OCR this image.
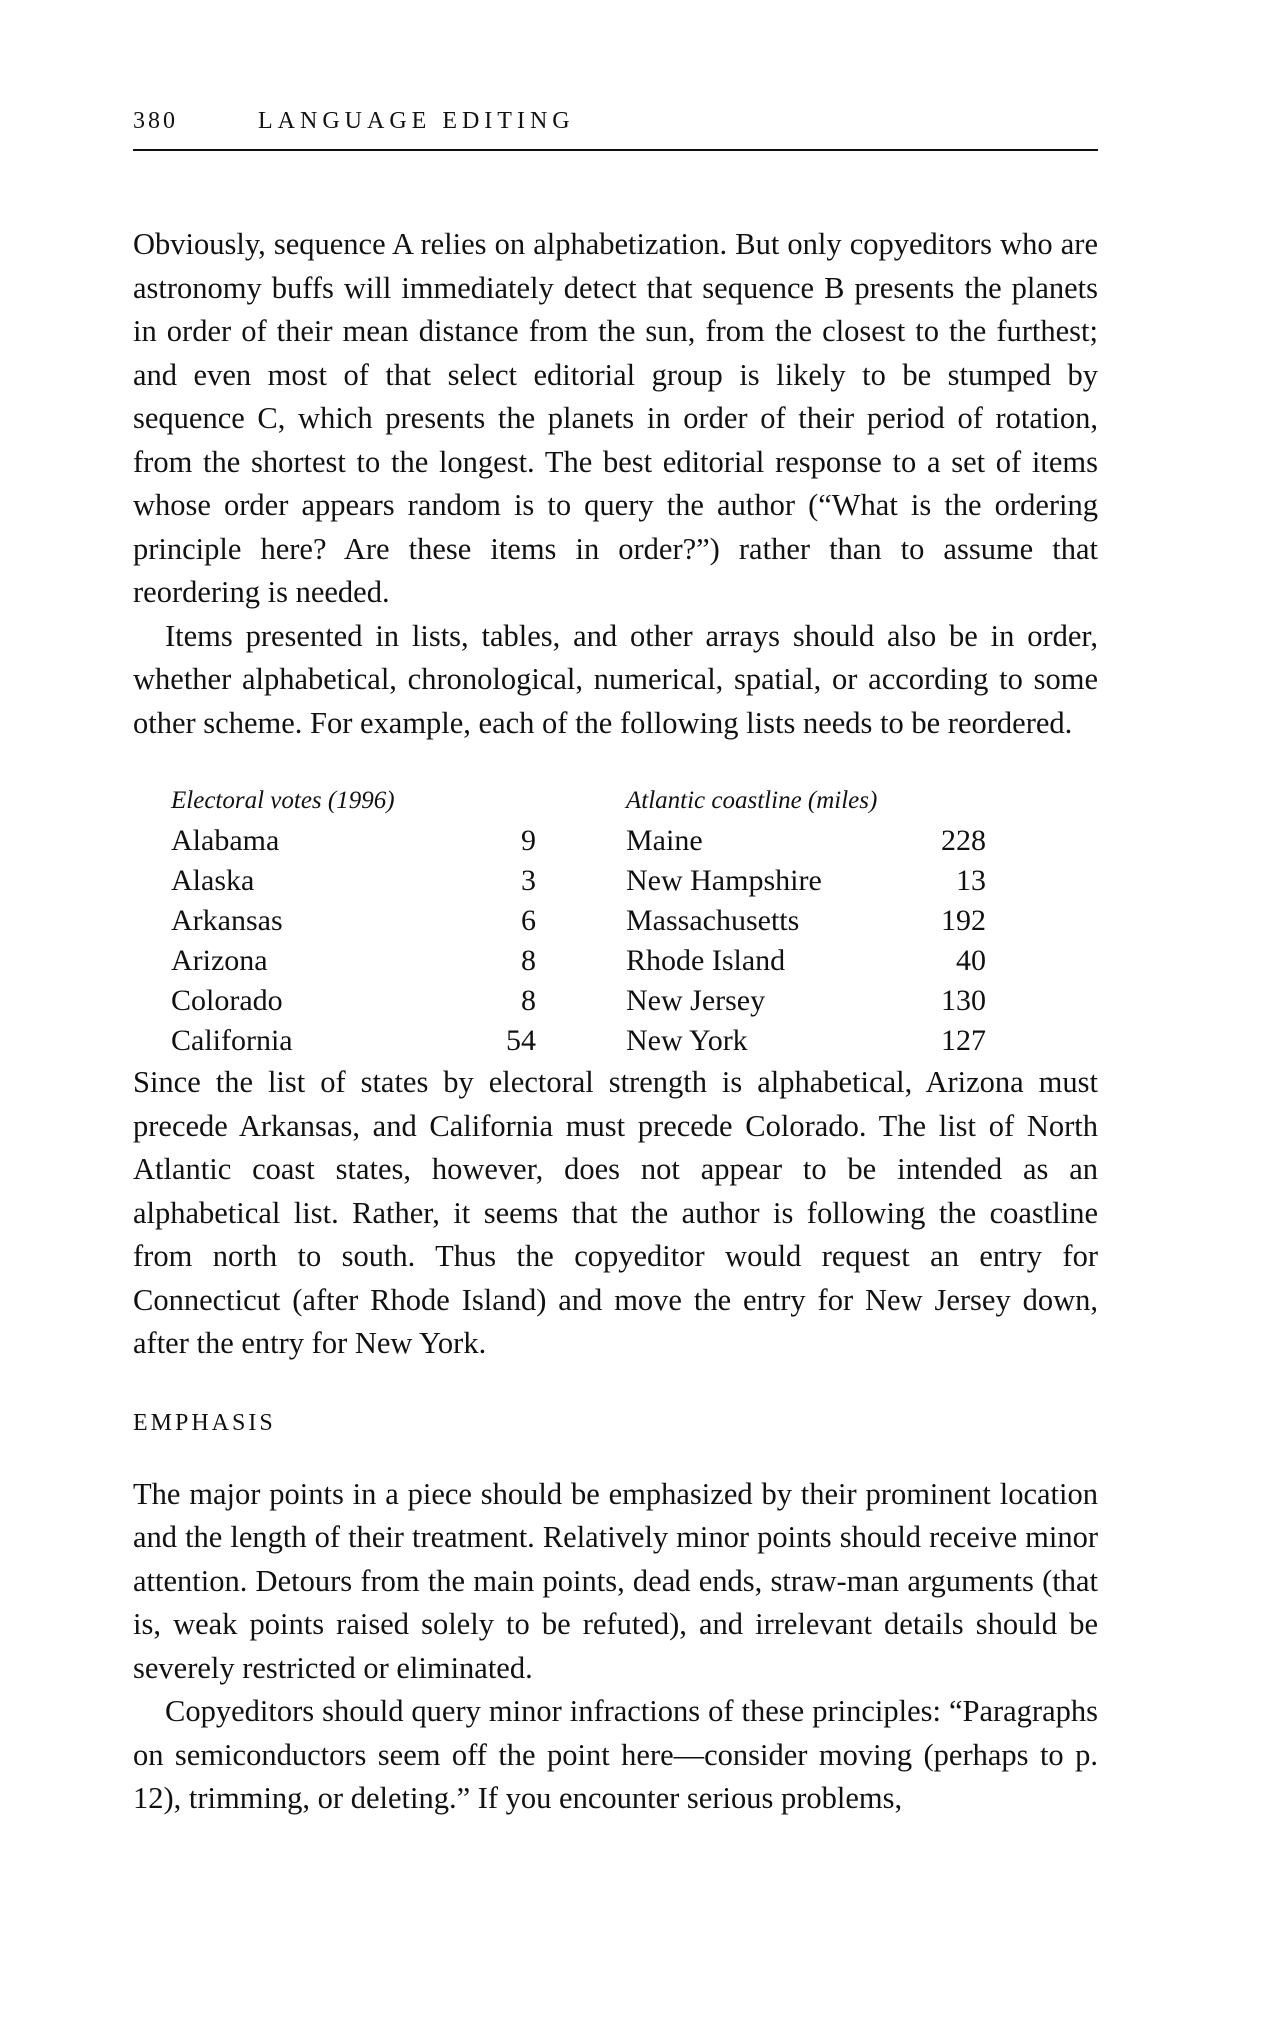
380	LANGUAGE EDITING

Obviously, sequence A relies on alphabetization. But only copyeditors who are astronomy buffs will immediately detect that sequence B presents the planets in order of their mean distance from the sun, from the closest to the furthest; and even most of that select editorial group is likely to be stumped by sequence C, which presents the planets in order of their period of rotation, from the shortest to the longest. The best editorial response to a set of items whose order appears random is to query the author (“What is the ordering principle here? Are these items in order?”) rather than to assume that reordering is needed.

Items presented in lists, tables, and other arrays should also be in order, whether alphabetical, chronological, numerical, spatial, or according to some other scheme. For example, each of the following lists needs to be reordered.

Electoral votes (1996)	
Alabama	9
Alaska	3
Arkansas	6
Arizona	8
Colorado	8
California	54
Atlantic coastline (miles)	
Maine	228
New Hampshire	13
Massachusetts	192
Rhode Island	40
New Jersey	130
New York	127

Since the list of states by electoral strength is alphabetical, Arizona must precede Arkansas, and California must precede Colorado. The list of North Atlantic coast states, however, does not appear to be intended as an alphabetical list. Rather, it seems that the author is following the coastline from north to south. Thus the copyeditor would request an entry for Connecticut (after Rhode Island) and move the entry for New Jersey down, after the entry for New York.

EMPHASIS

The major points in a piece should be emphasized by their prominent location and the length of their treatment. Relatively minor points should receive minor attention. Detours from the main points, dead ends, straw-man arguments (that is, weak points raised solely to be refuted), and irrelevant details should be severely restricted or eliminated.

Copyeditors should query minor infractions of these principles: “Paragraphs on semiconductors seem off the point here—consider moving (perhaps to p. 12), trimming, or deleting.” If you encounter serious problems,
